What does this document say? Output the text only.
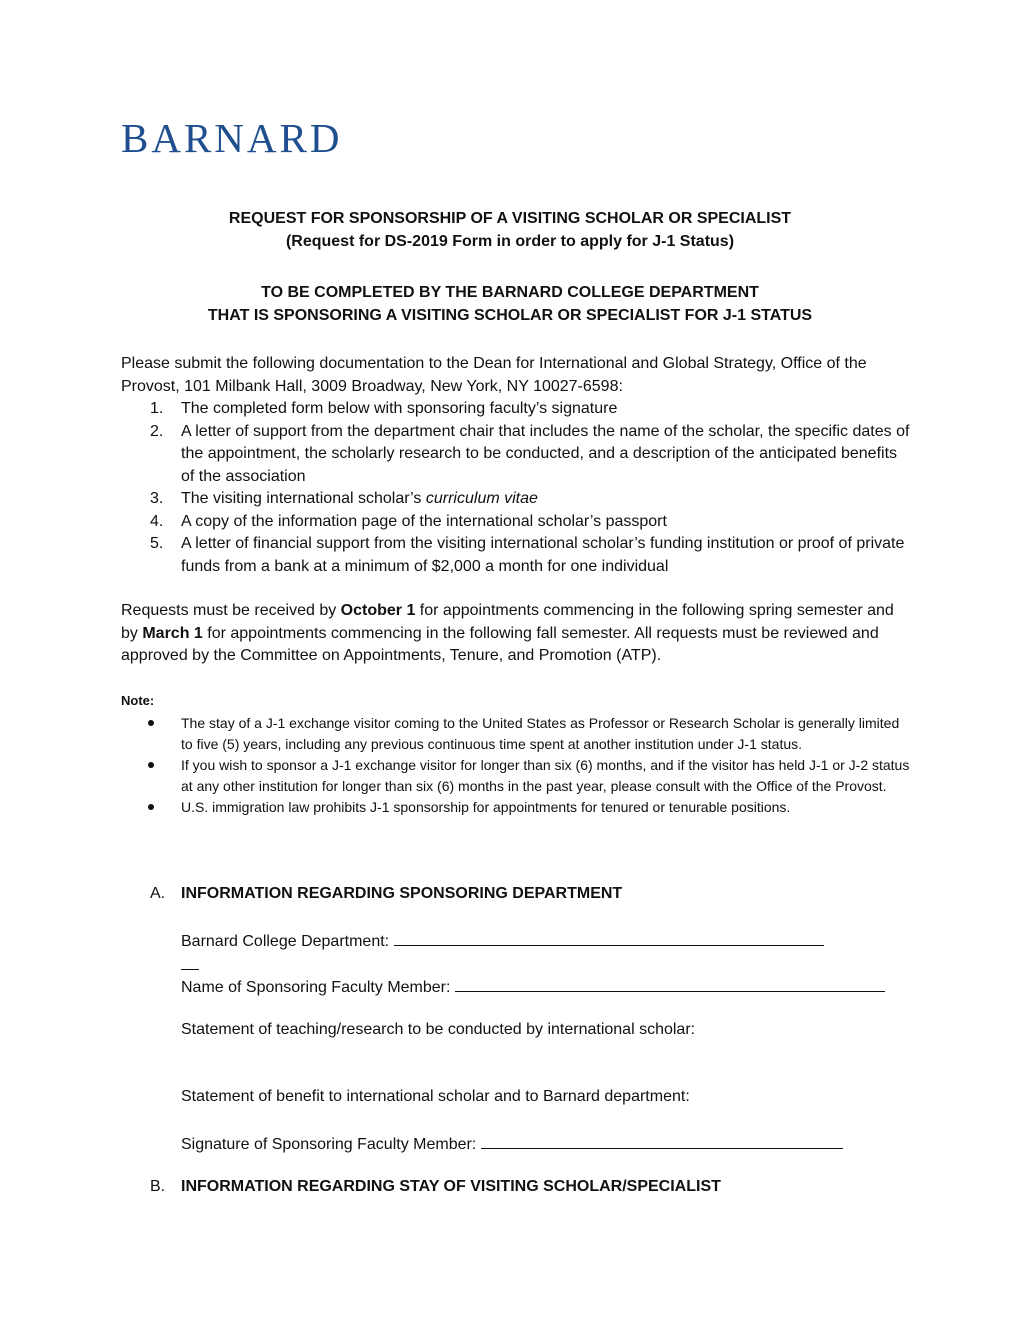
BARNARD
REQUEST FOR SPONSORSHIP OF A VISITING SCHOLAR OR SPECIALIST
(Request for DS-2019 Form in order to apply for J-1 Status)
TO BE COMPLETED BY THE BARNARD COLLEGE DEPARTMENT
THAT IS SPONSORING A VISITING SCHOLAR OR SPECIALIST FOR J-1 STATUS
Please submit the following documentation to the Dean for International and Global Strategy, Office of the Provost, 101 Milbank Hall, 3009 Broadway, New York, NY 10027-6598:
1. The completed form below with sponsoring faculty’s signature
2. A letter of support from the department chair that includes the name of the scholar, the specific dates of the appointment, the scholarly research to be conducted, and a description of the anticipated benefits of the association
3. The visiting international scholar’s curriculum vitae
4. A copy of the information page of the international scholar’s passport
5. A letter of financial support from the visiting international scholar’s funding institution or proof of private funds from a bank at a minimum of $2,000 a month for one individual
Requests must be received by October 1 for appointments commencing in the following spring semester and by March 1 for appointments commencing in the following fall semester. All requests must be reviewed and approved by the Committee on Appointments, Tenure, and Promotion (ATP).
Note:
The stay of a J-1 exchange visitor coming to the United States as Professor or Research Scholar is generally limited to five (5) years, including any previous continuous time spent at another institution under J-1 status.
If you wish to sponsor a J-1 exchange visitor for longer than six (6) months, and if the visitor has held J-1 or J-2 status at any other institution for longer than six (6) months in the past year, please consult with the Office of the Provost.
U.S. immigration law prohibits J-1 sponsorship for appointments for tenured or tenurable positions.
A. INFORMATION REGARDING SPONSORING DEPARTMENT
Barnard College Department:
Name of Sponsoring Faculty Member:
Statement of teaching/research to be conducted by international scholar:
Statement of benefit to international scholar and to Barnard department:
Signature of Sponsoring Faculty Member:
B. INFORMATION REGARDING STAY OF VISITING SCHOLAR/SPECIALIST
